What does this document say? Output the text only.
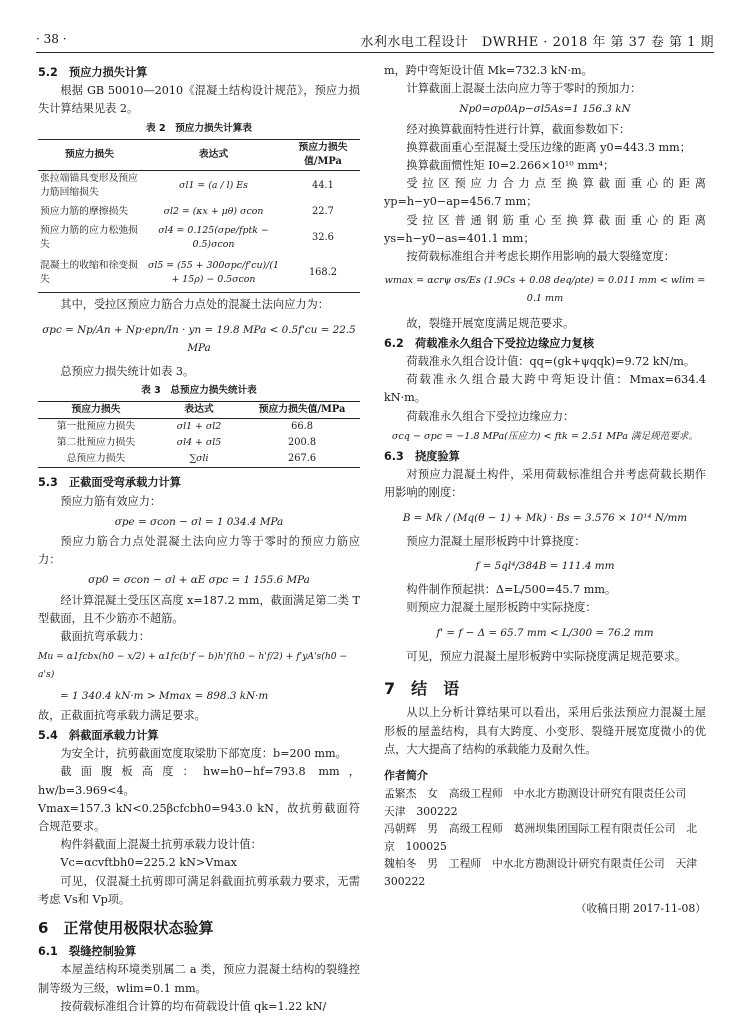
· 38 ·	水利水电工程设计　DWRHE · 2018 年 第 37 卷 第 1 期
5.2　预应力损失计算

根据 GB 50010—2010《混凝土结构设计规范》，预应力损失计算结果见表 2。

表 2　预应力损失计算表
预应力损失	表达式	预应力损失值/MPa
张拉端锚具变形及预应力筋回缩损失	σl1 = (a / l) Es	44.1
预应力筋的摩擦损失	σl2 = (κx + μθ) σcon	22.7
预应力筋的应力松弛损失	σl4 = 0.125(σpe/fptk − 0.5)σcon	32.6
混凝土的收缩和徐变损失	σl5 = (55 + 300σpc/f'cu)/(1 + 15ρ) − 0.5σcon	168.2

其中，受拉区预应力筋合力点处的混凝土法向应力为：

σpc = Np/An + Np·epn/In · yn = 19.8 MPa < 0.5f'cu = 22.5 MPa

总预应力损失统计如表 3。

表 3　总预应力损失统计表
预应力损失	表达式	预应力损失值/MPa
第一批预应力损失	σl1 + σl2	66.8
第二批预应力损失	σl4 + σl5	200.8
总预应力损失	∑σli	267.6
5.3　正截面受弯承载力计算

预应力筋有效应力：

σpe = σcon − σl = 1 034.4 MPa

预应力筋合力点处混凝土法向应力等于零时的预应力筋应力：

σp0 = σcon − σl + αE σpc = 1 155.6 MPa

经计算混凝土受压区高度 x=187.2 mm，截面满足第二类 T 型截面，且不少筋亦不超筋。

截面抗弯承载力：

Mu = α1fcbx(h0 − x/2) + α1fc(b'f − b)h'f(h0 − h'f/2) + f'yA's(h0 − a's)
= 1 340.4 kN·m > Mmax = 898.3 kN·m

故，正截面抗弯承载力满足要求。

5.4　斜截面承载力计算

为安全计，抗剪截面宽度取梁肋下部宽度：b=200 mm。

截面腹板高度：hw=h0−hf=793.8 mm，hw/b=3.969<4。

Vmax=157.3 kN<0.25βcfcbh0=943.0 kN，故抗剪截面符合规范要求。

构件斜截面上混凝土抗剪承载力设计值：

Vc=αcvftbh0=225.2 kN>Vmax

可见，仅混凝土抗剪即可满足斜截面抗剪承载力要求，无需考虑 Vs和 Vp项。

6　正常使用极限状态验算
6.1　裂缝控制验算

本屋盖结构环境类别属二 a 类，预应力混凝土结构的裂缝控制等级为三级，wlim=0.1 mm。

按荷载标准组合计算的均布荷载设计值 qk=1.22 kN/

m，跨中弯矩设计值 Mk=732.3 kN·m。

计算截面上混凝土法向应力等于零时的预加力：

Np0=σp0Ap−σl5As=1 156.3 kN

经对换算截面特性进行计算，截面参数如下：

换算截面重心至混凝土受压边缘的距离 y0=443.3 mm；

换算截面惯性矩 I0=2.266×10¹⁰ mm⁴；

受拉区预应力合力点至换算截面重心的距离 yp=h−y0−ap=456.7 mm；

受拉区普通钢筋重心至换算截面重心的距离 ys=h−y0−as=401.1 mm；

按荷载标准组合并考虑长期作用影响的最大裂缝宽度：

wmax = αcrψ σs/Es (1.9Cs + 0.08 deq/ρte) = 0.011 mm < wlim = 0.1 mm

故，裂缝开展宽度满足规范要求。

6.2　荷载准永久组合下受拉边缘应力复核

荷载准永久组合设计值：qq=(gk+ψqqk)=9.72 kN/m。

荷载准永久组合最大跨中弯矩设计值：Mmax=634.4 kN·m。

荷载准永久组合下受拉边缘应力：

σcq − σpc = −1.8 MPa(压应力) < ftk = 2.51 MPa 满足规范要求。
6.3　挠度验算

对预应力混凝土构件，采用荷载标准组合并考虑荷载长期作用影响的刚度：

B = Mk / (Mq(θ − 1) + Mk) · Bs = 3.576 × 10¹⁴ N/mm

预应力混凝土屋形板跨中计算挠度：

f = 5ql⁴/384B = 111.4 mm

构件制作预起拱：Δ=L/500=45.7 mm。

则预应力混凝土屋形板跨中实际挠度：

f' = f − Δ = 65.7 mm < L/300 = 76.2 mm

可见，预应力混凝土屋形板跨中实际挠度满足规范要求。

7　结　语

从以上分析计算结果可以看出，采用后张法预应力混凝土屋形板的屋盖结构，具有大跨度、小变形、裂缝开展宽度微小的优点，大大提高了结构的承载能力及耐久性。

作者简介

孟繁杰　女　高级工程师　中水北方勘测设计研究有限责任公司　天津　300222

冯朝辉　男　高级工程师　葛洲坝集团国际工程有限责任公司　北京　100025

魏柏冬　男　工程师　中水北方勘测设计研究有限责任公司　天津　300222

（收稿日期 2017-11-08）
